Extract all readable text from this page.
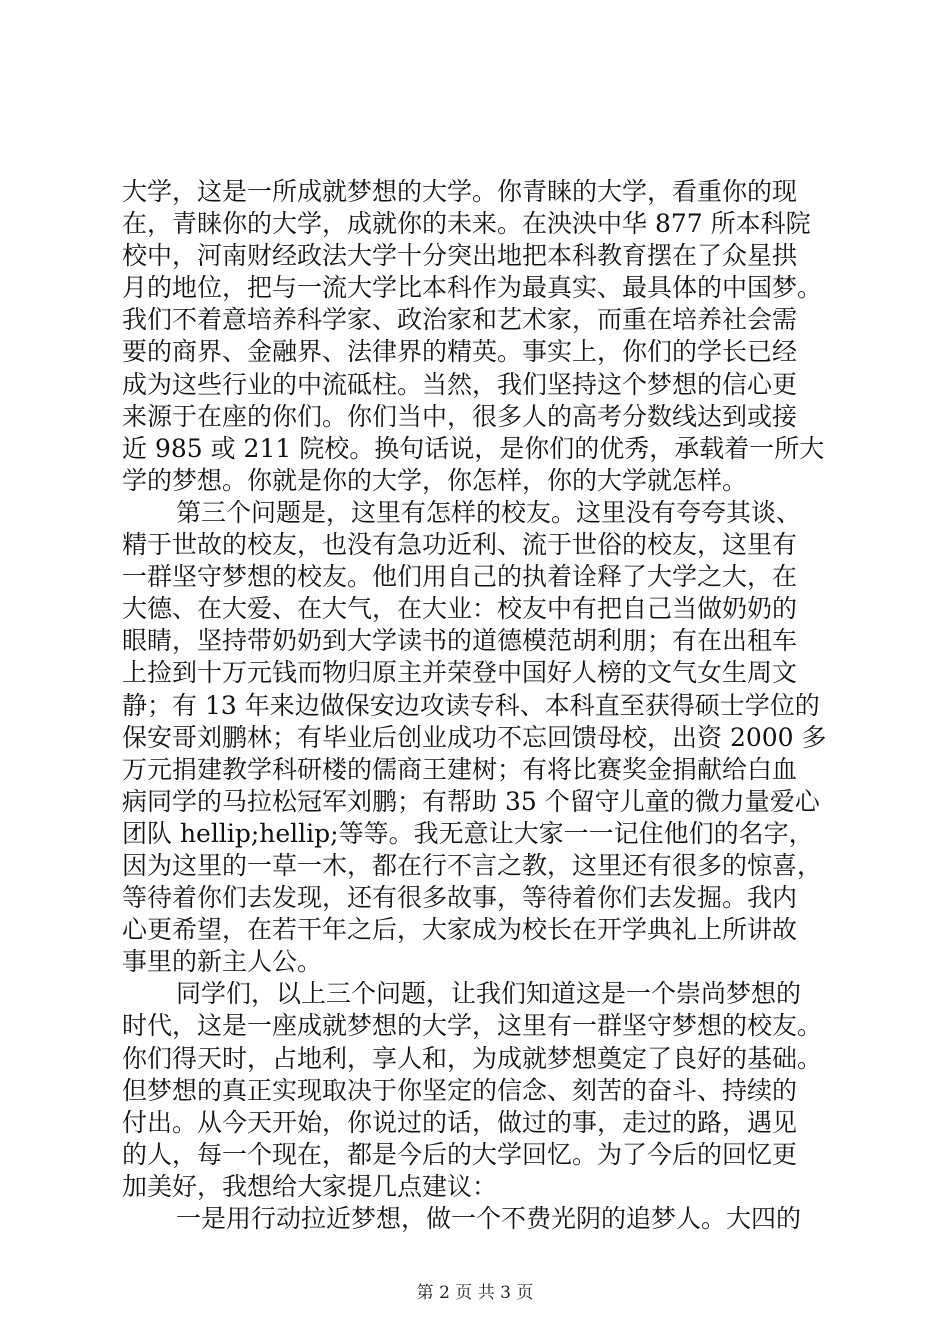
大学，这是一所成就梦想的大学。你青睐的大学，看重你的现
在，青睐你的大学，成就你的未来。在泱泱中华 877 所本科院
校中，河南财经政法大学十分突出地把本科教育摆在了众星拱
月的地位，把与一流大学比本科作为最真实、最具体的中国梦。
我们不着意培养科学家、政治家和艺术家，而重在培养社会需
要的商界、金融界、法律界的精英。事实上，你们的学长已经
成为这些行业的中流砥柱。当然，我们坚持这个梦想的信心更
来源于在座的你们。你们当中，很多人的高考分数线达到或接
近 985 或 211 院校。换句话说，是你们的优秀，承载着一所大
学的梦想。你就是你的大学，你怎样，你的大学就怎样。
第三个问题是，这里有怎样的校友。这里没有夸夸其谈、
精于世故的校友，也没有急功近利、流于世俗的校友，这里有
一群坚守梦想的校友。他们用自己的执着诠释了大学之大，在
大德、在大爱、在大气，在大业：校友中有把自己当做奶奶的
眼睛，坚持带奶奶到大学读书的道德模范胡利朋；有在出租车
上捡到十万元钱而物归原主并荣登中国好人榜的文气女生周文
静；有 13 年来边做保安边攻读专科、本科直至获得硕士学位的
保安哥刘鹏林；有毕业后创业成功不忘回馈母校，出资 2000 多
万元捐建教学科研楼的儒商王建树；有将比赛奖金捐献给白血
病同学的马拉松冠军刘鹏；有帮助 35 个留守儿童的微力量爱心
团队 hellip;hellip;等等。我无意让大家一一记住他们的名字，
因为这里的一草一木，都在行不言之教，这里还有很多的惊喜，
等待着你们去发现，还有很多故事，等待着你们去发掘。我内
心更希望，在若干年之后，大家成为校长在开学典礼上所讲故
事里的新主人公。
同学们，以上三个问题，让我们知道这是一个崇尚梦想的
时代，这是一座成就梦想的大学，这里有一群坚守梦想的校友。
你们得天时，占地利，享人和，为成就梦想奠定了良好的基础。
但梦想的真正实现取决于你坚定的信念、刻苦的奋斗、持续的
付出。从今天开始，你说过的话，做过的事，走过的路，遇见
的人，每一个现在，都是今后的大学回忆。为了今后的回忆更
加美好，我想给大家提几点建议：
一是用行动拉近梦想，做一个不费光阴的追梦人。大四的
第 2 页 共 3 页
